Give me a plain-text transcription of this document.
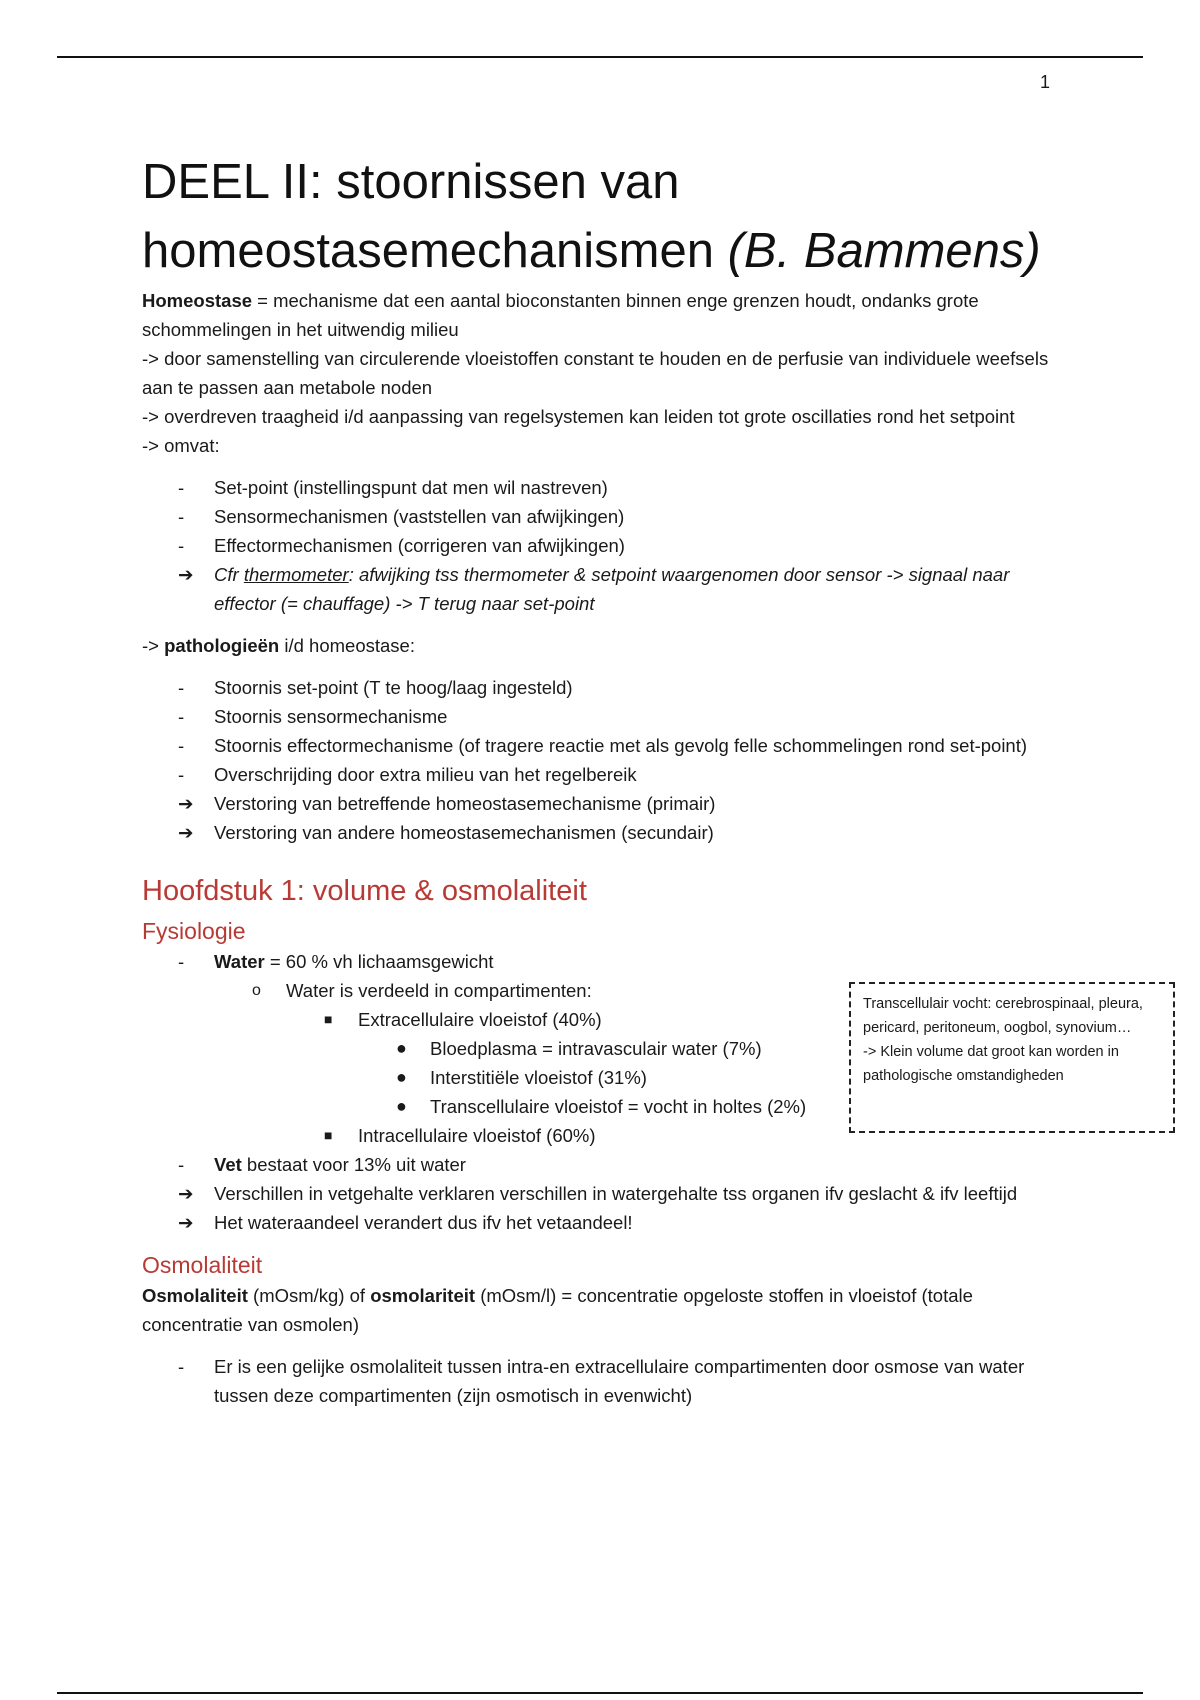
1
DEEL II: stoornissen van
homeostasemechanismen (B. Bammens)

Homeostase = mechanisme dat een aantal bioconstanten binnen enge grenzen houdt, ondanks grote schommelingen in het uitwendig milieu

-> door samenstelling van circulerende vloeistoffen constant te houden en de perfusie van individuele weefsels aan te passen aan metabole noden

-> overdreven traagheid i/d aanpassing van regelsystemen kan leiden tot grote oscillaties rond het setpoint

-> omvat:

- Set-point (instellingspunt dat men wil nastreven)
- Sensormechanismen (vaststellen van afwijkingen)
- Effectormechanismen (corrigeren van afwijkingen)
➔ Cfr thermometer: afwijking tss thermometer & setpoint waargenomen door sensor -> signaal naar effector (= chauffage) -> T terug naar set-point

-> pathologieën i/d homeostase:

- Stoornis set-point (T te hoog/laag ingesteld)
- Stoornis sensormechanisme
- Stoornis effectormechanisme (of tragere reactie met als gevolg felle schommelingen rond set-point)
- Overschrijding door extra milieu van het regelbereik
➔ Verstoring van betreffende homeostasemechanisme (primair)
➔ Verstoring van andere homeostasemechanismen (secundair)
Hoofdstuk 1: volume & osmolaliteit
Fysiologie
- Water = 60 % vh lichaamsgewicht
o Water is verdeeld in compartimenten:
■ Extracellulaire vloeistof (40%)
● Bloedplasma = intravasculair water (7%)
● Interstitiële vloeistof (31%)
● Transcellulaire vloeistof = vocht in holtes (2%)
■ Intracellulaire vloeistof (60%)
- Vet bestaat voor 13% uit water
➔ Verschillen in vetgehalte verklaren verschillen in watergehalte tss organen ifv geslacht & ifv leeftijd
➔ Het wateraandeel verandert dus ifv het vetaandeel!
Osmolaliteit

Osmolaliteit (mOsm/kg) of osmolariteit (mOsm/l) = concentratie opgeloste stoffen in vloeistof (totale concentratie van osmolen)

- Er is een gelijke osmolaliteit tussen intra-en extracellulaire compartimenten door osmose van water tussen deze compartimenten (zijn osmotisch in evenwicht)

Transcellulair vocht: cerebrospinaal, pleura, pericard, peritoneum, oogbol, synovium…

-> Klein volume dat groot kan worden in pathologische omstandigheden
